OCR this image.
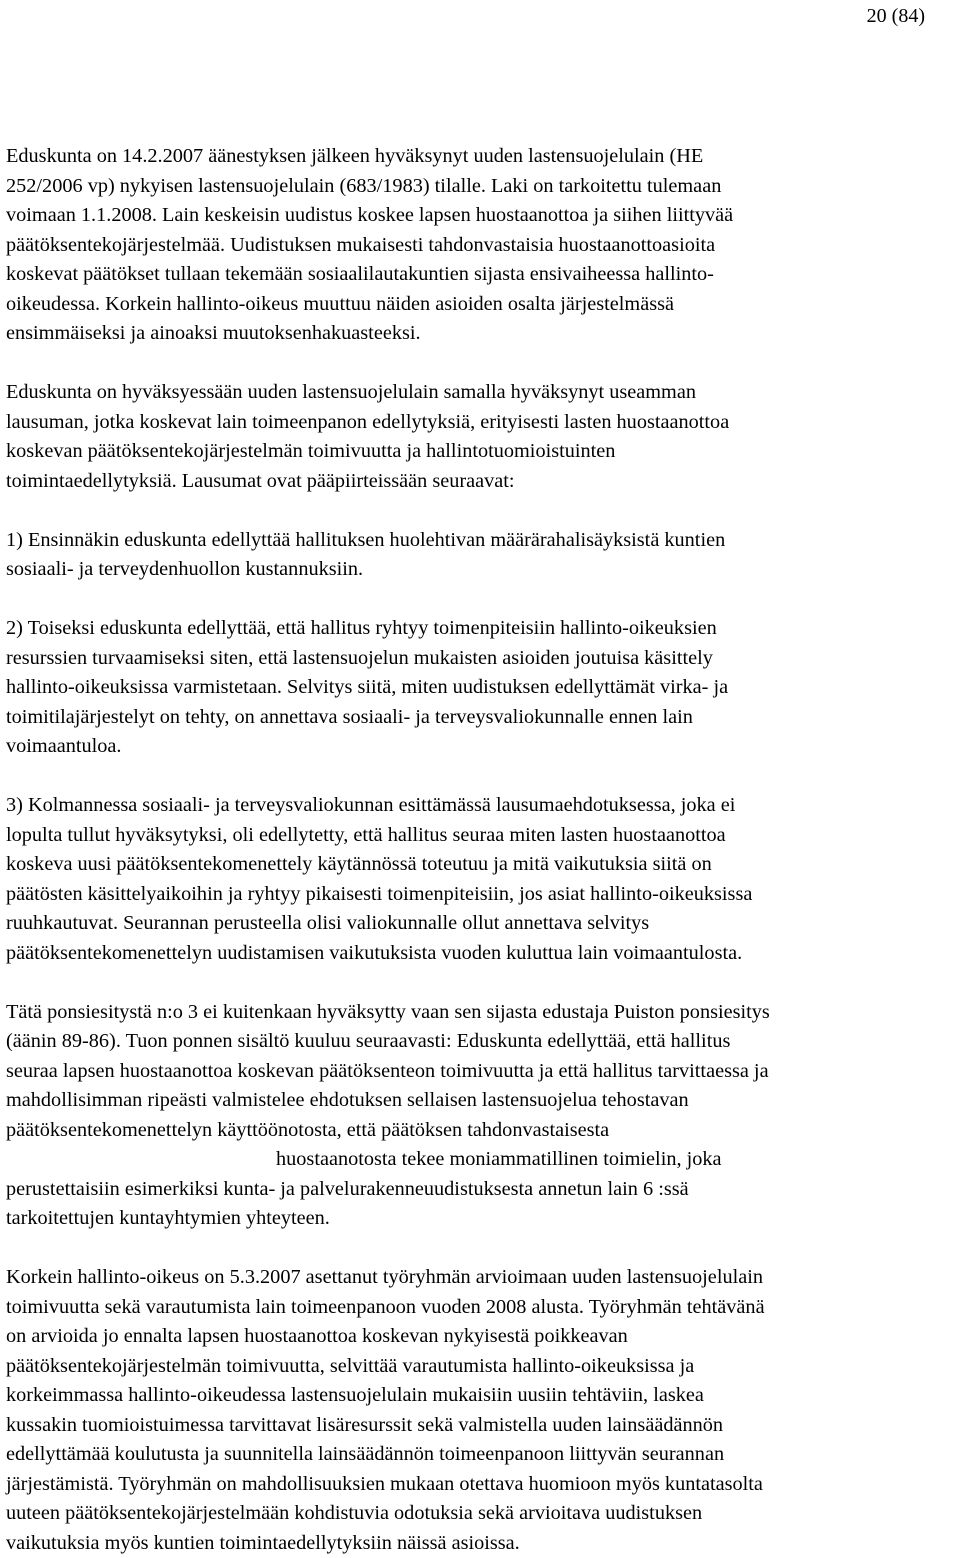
20 (84)

Eduskunta on 14.2.2007 äänestyksen jälkeen hyväksynyt uuden lastensuojelulain (HE
252/2006 vp) nykyisen lastensuojelulain (683/1983) tilalle. Laki on tarkoitettu tulemaan
voimaan 1.1.2008. Lain keskeisin uudistus koskee lapsen huostaanottoa ja siihen liittyvää
päätöksentekojärjestelmää. Uudistuksen mukaisesti tahdonvastaisia huostaanottoasioita
koskevat päätökset tullaan tekemään sosiaalilautakuntien sijasta ensivaiheessa hallinto-
oikeudessa. Korkein hallinto-oikeus muuttuu näiden asioiden osalta järjestelmässä
ensimmäiseksi ja ainoaksi muutoksenhakuasteeksi.

Eduskunta on hyväksyessään uuden lastensuojelulain samalla hyväksynyt useamman
lausuman, jotka koskevat lain toimeenpanon edellytyksiä, erityisesti lasten huostaanottoa
koskevan päätöksentekojärjestelmän toimivuutta ja hallintotuomioistuinten
toimintaedellytyksiä. Lausumat ovat pääpiirteissään seuraavat:

1) Ensinnäkin eduskunta edellyttää hallituksen huolehtivan määrärahalisäyksistä kuntien
sosiaali- ja terveydenhuollon kustannuksiin.

2) Toiseksi eduskunta edellyttää, että hallitus ryhtyy toimenpiteisiin hallinto-oikeuksien
resurssien turvaamiseksi siten, että lastensuojelun mukaisten asioiden joutuisa käsittely
hallinto-oikeuksissa varmistetaan. Selvitys siitä, miten uudistuksen edellyttämät virka- ja
toimitilajärjestelyt on tehty, on annettava sosiaali- ja terveysvaliokunnalle ennen lain
voimaantuloa.

3) Kolmannessa sosiaali- ja terveysvaliokunnan esittämässä lausumaehdotuksessa, joka ei
lopulta tullut hyväksytyksi, oli edellytetty, että hallitus seuraa miten lasten huostaanottoa
koskeva uusi päätöksentekomenettely käytännössä toteutuu ja mitä vaikutuksia siitä on
päätösten käsittelyaikoihin ja ryhtyy pikaisesti toimenpiteisiin, jos asiat hallinto-oikeuksissa
ruuhkautuvat. Seurannan perusteella olisi valiokunnalle ollut annettava selvitys
päätöksentekomenettelyn uudistamisen vaikutuksista vuoden kuluttua lain voimaantulosta.

Tätä ponsiesitystä n:o 3 ei kuitenkaan hyväksytty vaan sen sijasta edustaja Puiston ponsiesitys
(äänin 89-86). Tuon ponnen sisältö kuuluu seuraavasti: Eduskunta edellyttää, että hallitus
seuraa lapsen huostaanottoa koskevan päätöksenteon toimivuutta ja että hallitus tarvittaessa ja
mahdollisimman ripeästi valmistelee ehdotuksen sellaisen lastensuojelua tehostavan
päätöksentekomenettelyn käyttöönotosta, että päätöksen tahdonvastaisesta
huostaanotosta tekee moniammatillinen toimielin, joka
perustettaisiin esimerkiksi kunta- ja palvelurakenneuudistuksesta annetun lain 6 :ssä
tarkoitettujen kuntayhtymien yhteyteen.

Korkein hallinto-oikeus on 5.3.2007 asettanut työryhmän arvioimaan uuden lastensuojelulain
toimivuutta sekä varautumista lain toimeenpanoon vuoden 2008 alusta. Työryhmän tehtävänä
on arvioida jo ennalta lapsen huostaanottoa koskevan nykyisestä poikkeavan
päätöksentekojärjestelmän toimivuutta, selvittää varautumista hallinto-oikeuksissa ja
korkeimmassa hallinto-oikeudessa lastensuojelulain mukaisiin uusiin tehtäviin, laskea
kussakin tuomioistuimessa tarvittavat lisäresurssit sekä valmistella uuden lainsäädännön
edellyttämää koulutusta ja suunnitella lainsäädännön toimeenpanoon liittyvän seurannan
järjestämistä. Työryhmän on mahdollisuuksien mukaan otettava huomioon myös kuntatasolta
uuteen päätöksentekojärjestelmään kohdistuvia odotuksia sekä arvioitava uudistuksen
vaikutuksia myös kuntien toimintaedellytyksiin näissä asioissa.
